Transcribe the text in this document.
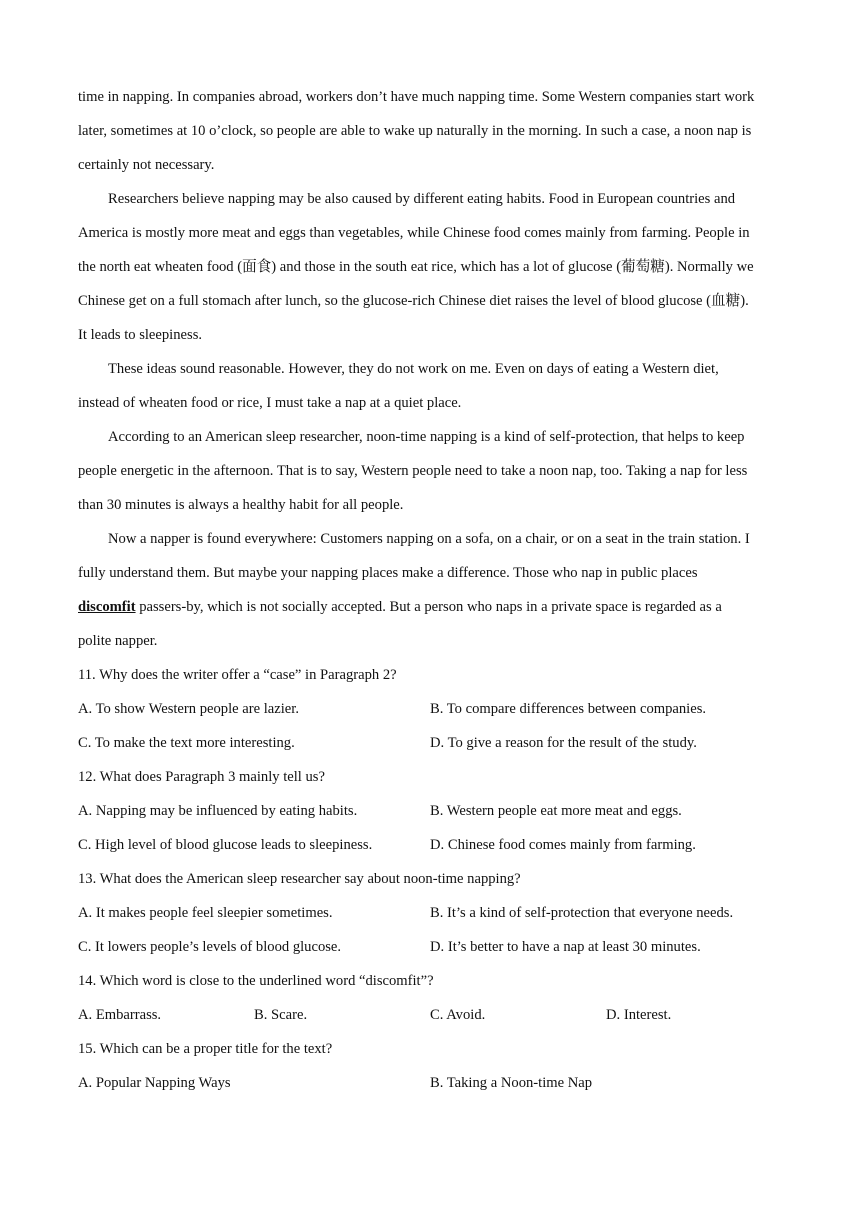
time in napping. In companies abroad, workers don’t have much napping time. Some Western companies start work
later, sometimes at 10 o’clock, so people are able to wake up naturally in the morning. In such a case, a noon nap is
certainly not necessary.
Researchers believe napping may be also caused by different eating habits. Food in European countries and
America is mostly more meat and eggs than vegetables, while Chinese food comes mainly from farming. People in
the north eat wheaten food (面食) and those in the south eat rice, which has a lot of glucose (葡萄糖). Normally we
Chinese get on a full stomach after lunch, so the glucose-rich Chinese diet raises the level of blood glucose (血糖).
It leads to sleepiness.
These ideas sound reasonable. However, they do not work on me. Even on days of eating a Western diet,
instead of wheaten food or rice, I must take a nap at a quiet place.
According to an American sleep researcher, noon-time napping is a kind of self-protection, that helps to keep
people energetic in the afternoon. That is to say, Western people need to take a noon nap, too. Taking a nap for less
than 30 minutes is always a healthy habit for all people.
Now a napper is found everywhere: Customers napping on a sofa, on a chair, or on a seat in the train station. I
fully understand them. But maybe your napping places make a difference. Those who nap in public places
discomfit passers-by, which is not socially accepted. But a person who naps in a private space is regarded as a
polite napper.
11. Why does the writer offer a “case” in Paragraph 2?
A. To show Western people are lazier.	B. To compare differences between companies.
C. To make the text more interesting.	D. To give a reason for the result of the study.
12. What does Paragraph 3 mainly tell us?
A. Napping may be influenced by eating habits.	B. Western people eat more meat and eggs.
C. High level of blood glucose leads to sleepiness.	D. Chinese food comes mainly from farming.
13. What does the American sleep researcher say about noon-time napping?
A. It makes people feel sleepier sometimes.	B. It’s a kind of self-protection that everyone needs.
C. It lowers people’s levels of blood glucose.	D. It’s better to have a nap at least 30 minutes.
14. Which word is close to the underlined word “discomfit”?
A. Embarrass.	B. Scare.	C. Avoid.	D. Interest.
15. Which can be a proper title for the text?
A. Popular Napping Ways	B. Taking a Noon-time Nap
